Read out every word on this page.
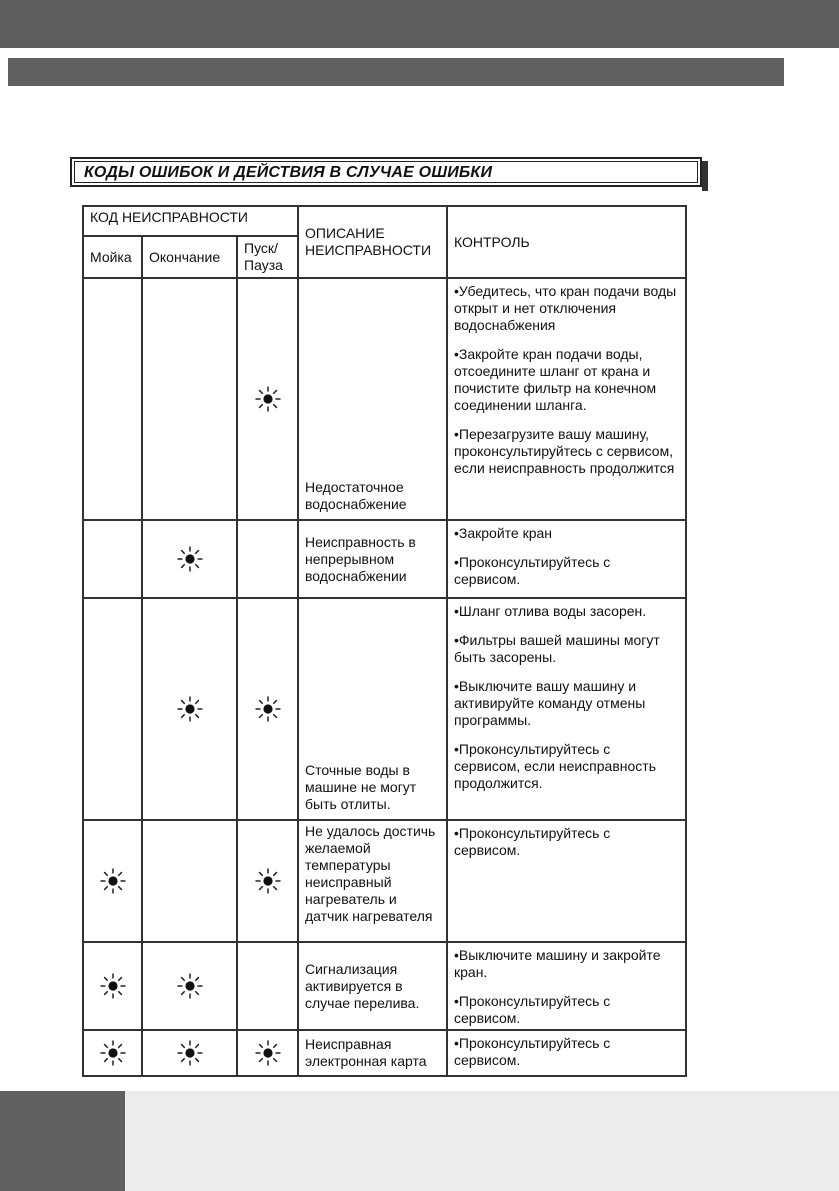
КОДЫ ОШИБОК И ДЕЙСТВИЯ В СЛУЧАЕ ОШИБКИ
КОД НЕИСПРАВНОСТИ			ОПИСАНИЕ НЕИСПРАВНОСТИ	КОНТРОЛЬ
Мойка	Окончание	Пуск/ Пауза		
			Недостаточное водоснабжение	•Убедитесь, что кран подачи воды открыт и нет отключения водоснабжения
•Закройте кран подачи воды, отсоедините шланг от крана и почистите фильтр на конечном соединении шланга.
•Перезагрузите вашу машину, проконсультируйтесь с сервисом, если неисправность продолжится

			Неисправность в непрерывном водоснабжении	•Закройте кран
•Проконсультируйтесь с сервисом.

			Сточные воды в машине не могут быть отлиты.	•Шланг отлива воды засорен.
•Фильтры вашей машины могут быть засорены.
•Выключите вашу машину и активируйте команду отмены программы.
•Проконсультируйтесь с сервисом, если неисправность продолжится.

			Не удалось достичь желаемой температуры неисправный нагреватель и датчик нагревателя	•Проконсультируйтесь с сервисом.

			Сигнализация активируется в случае перелива.	•Выключите машину и закройте кран.
•Проконсультируйтесь с сервисом.

			Неисправная электронная карта	•Проконсультируйтесь с сервисом.
